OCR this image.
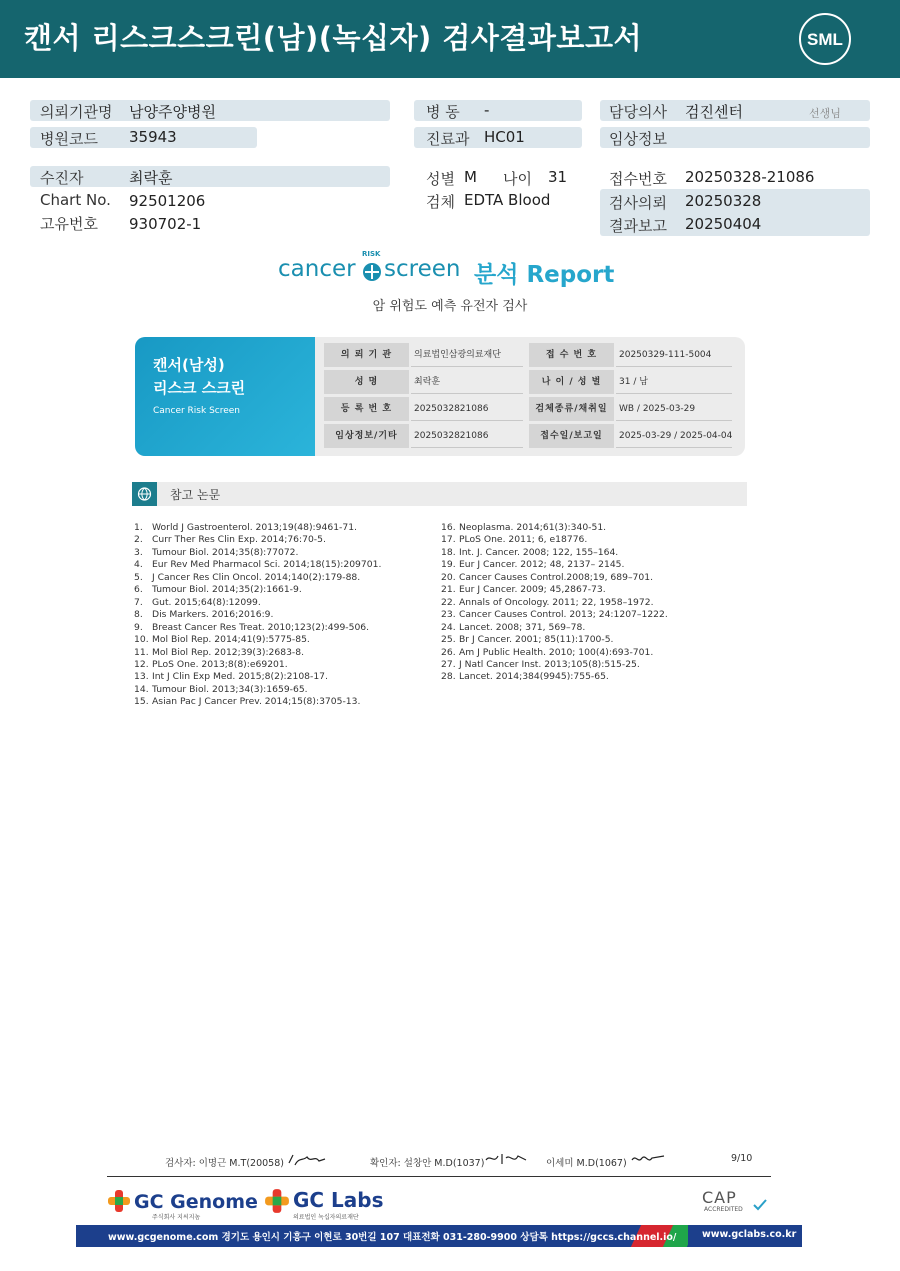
캔서 리스크스크린(남)(녹십자) 검사결과보고서	SML
의뢰기관명 남양주양병원
병원코드 35943
병 동 -
진료과 HC01
담당의사 검진센터	선생님
임상정보
수진자	최락훈
Chart No. 92501206
고유번호 930702-1
성별 M 나이 31
검체 EDTA Blood
접수번호 20250328-21086
검사의뢰 20250328
결과보고 20250404
cancer
RISK
screen 분석 Report
암 위험도 예측 유전자 검사
캔서(남성)
리스크 스크린
Cancer Risk Screen
의 뢰 기 관	의료법인삼광의료재단	접 수 번 호	20250329-111-5004
성 명	최락훈	나 이 / 성 별	31 / 남
등 록 번 호	2025032821086	검체종류/채취일	WB / 2025-03-29
임상정보/기타	2025032821086	접수일/보고일	2025-03-29 / 2025-04-04
참고 논문
1. World J Gastroenterol. 2013;19(48):9461-71.
2. Curr Ther Res Clin Exp. 2014;76:70-5.
3. Tumour Biol. 2014;35(8):77072.
4. Eur Rev Med Pharmacol Sci. 2014;18(15):209701.
5. J Cancer Res Clin Oncol. 2014;140(2):179-88.
6. Tumour Biol. 2014;35(2):1661-9.
7. Gut. 2015;64(8):12099.
8. Dis Markers. 2016;2016:9.
9. Breast Cancer Res Treat. 2010;123(2):499-506.
10. Mol Biol Rep. 2014;41(9):5775-85.
11. Mol Biol Rep. 2012;39(3):2683-8.
12. PLoS One. 2013;8(8):e69201.
13. Int J Clin Exp Med. 2015;8(2):2108-17.
14. Tumour Biol. 2013;34(3):1659-65.
15. Asian Pac J Cancer Prev. 2014;15(8):3705-13.
16. Neoplasma. 2014;61(3):340-51.
17. PLoS One. 2011; 6, e18776.
18. Int. J. Cancer. 2008; 122, 155–164.
19. Eur J Cancer. 2012; 48, 2137– 2145.
20. Cancer Causes Control.2008;19, 689–701.
21. Eur J Cancer. 2009; 45,2867-73.
22. Annals of Oncology. 2011; 22, 1958–1972.
23. Cancer Causes Control. 2013; 24:1207–1222.
24. Lancet. 2008; 371, 569–78.
25. Br J Cancer. 2001; 85(11):1700-5.
26. Am J Public Health. 2010; 100(4):693-701.
27. J Natl Cancer Inst. 2013;105(8):515-25.
28. Lancet. 2014;384(9945):755-65.
검사자: 이명근 M.T(20058)	확인자: 설창안 M.D(1037)	이세미 M.D(1067)	9/10
GC Genome
주식회사 지씨지놈
GC Labs
의료법인 녹십자의료재단
CAP
ACCREDITED
www.gcgenome.com 경기도 용인시 기흥구 이현로 30번길 107 대표전화 031-280-9900 상담톡 https://gccs.channel.io/	www.gclabs.co.kr
